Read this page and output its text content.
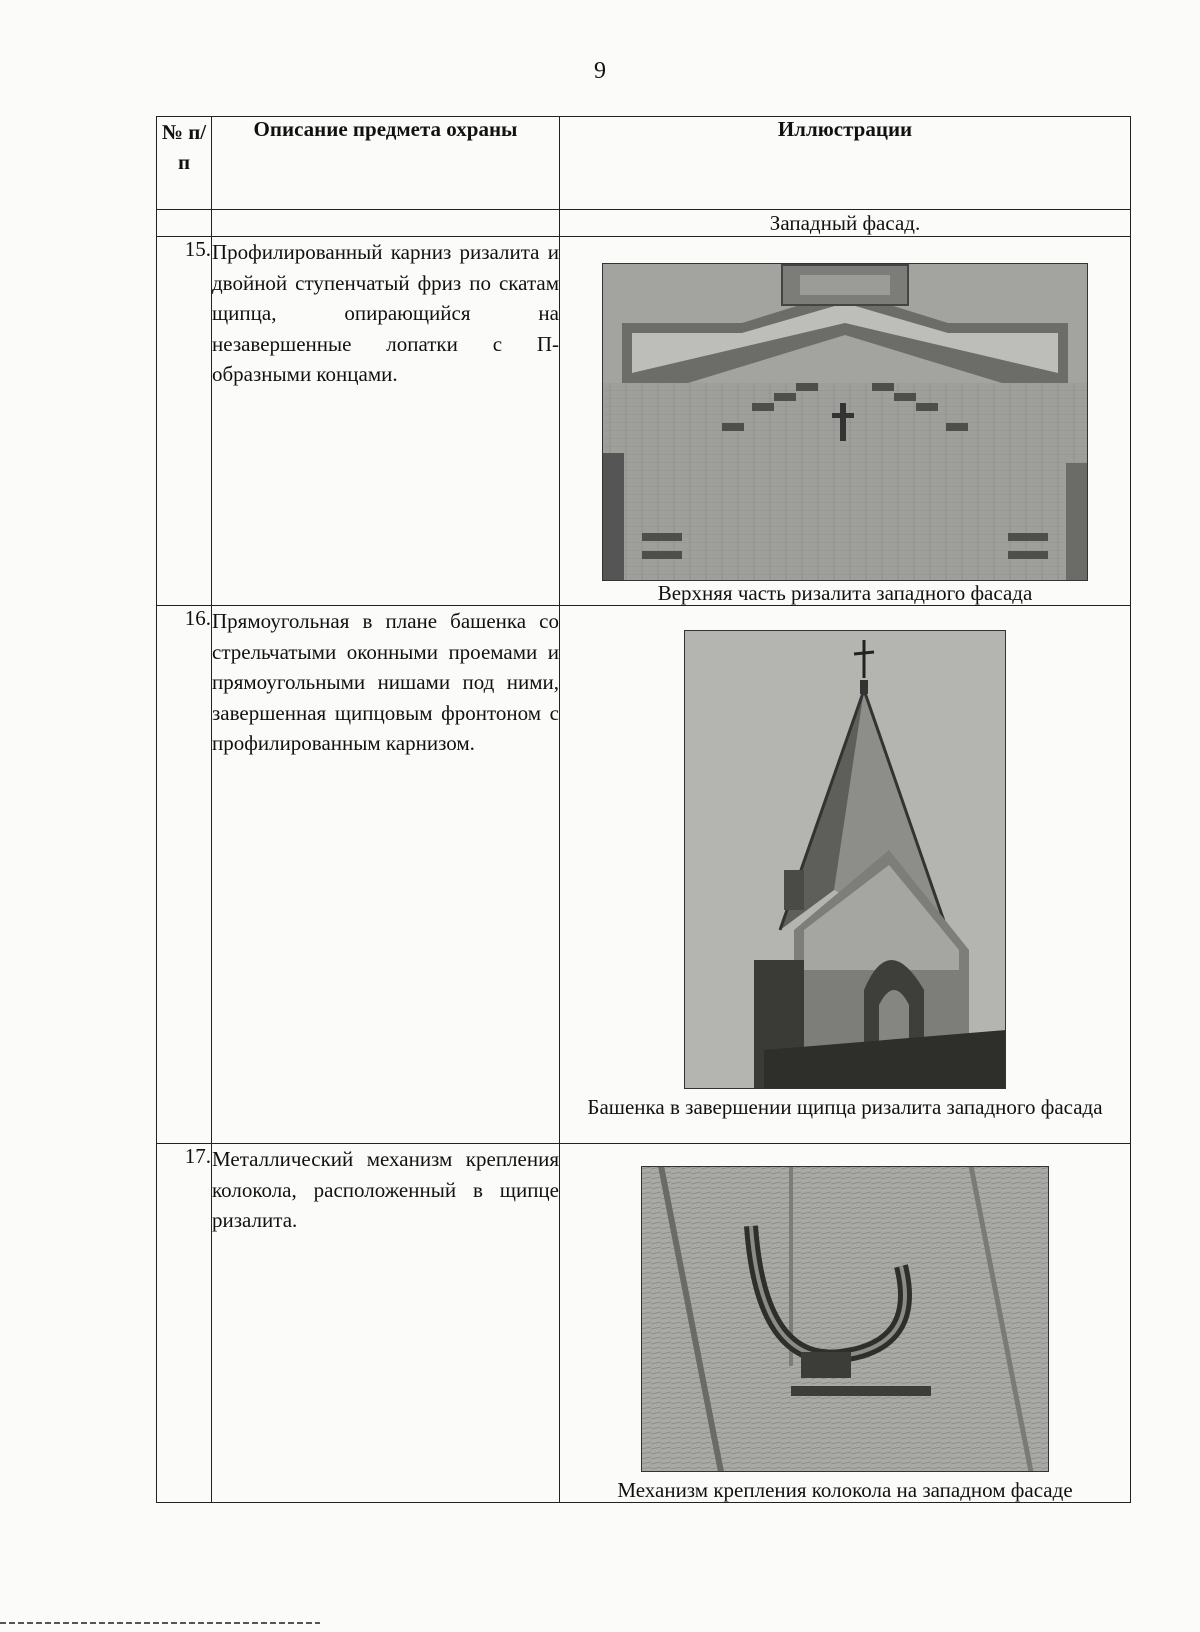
9
№ п/ п	Описание предмета охраны	Иллюстрации
		Западный фасад.
15.	Профилированный карниз ризалита и двойной ступенчатый фриз по скатам щипца, опирающийся на незавершенные лопатки с П-образными концами.	Верхняя часть ризалита западного фасада

16.	Прямоугольная в плане башенка со стрельчатыми оконными проемами и прямоугольными нишами под ними, завершенная щипцовым фронтоном с профилированным карнизом.	Башенка в завершении щипца ризалита западного фасада

17.	Металлический механизм крепления колокола, расположенный в щипце ризалита.	Механизм крепления колокола на западном фасаде
